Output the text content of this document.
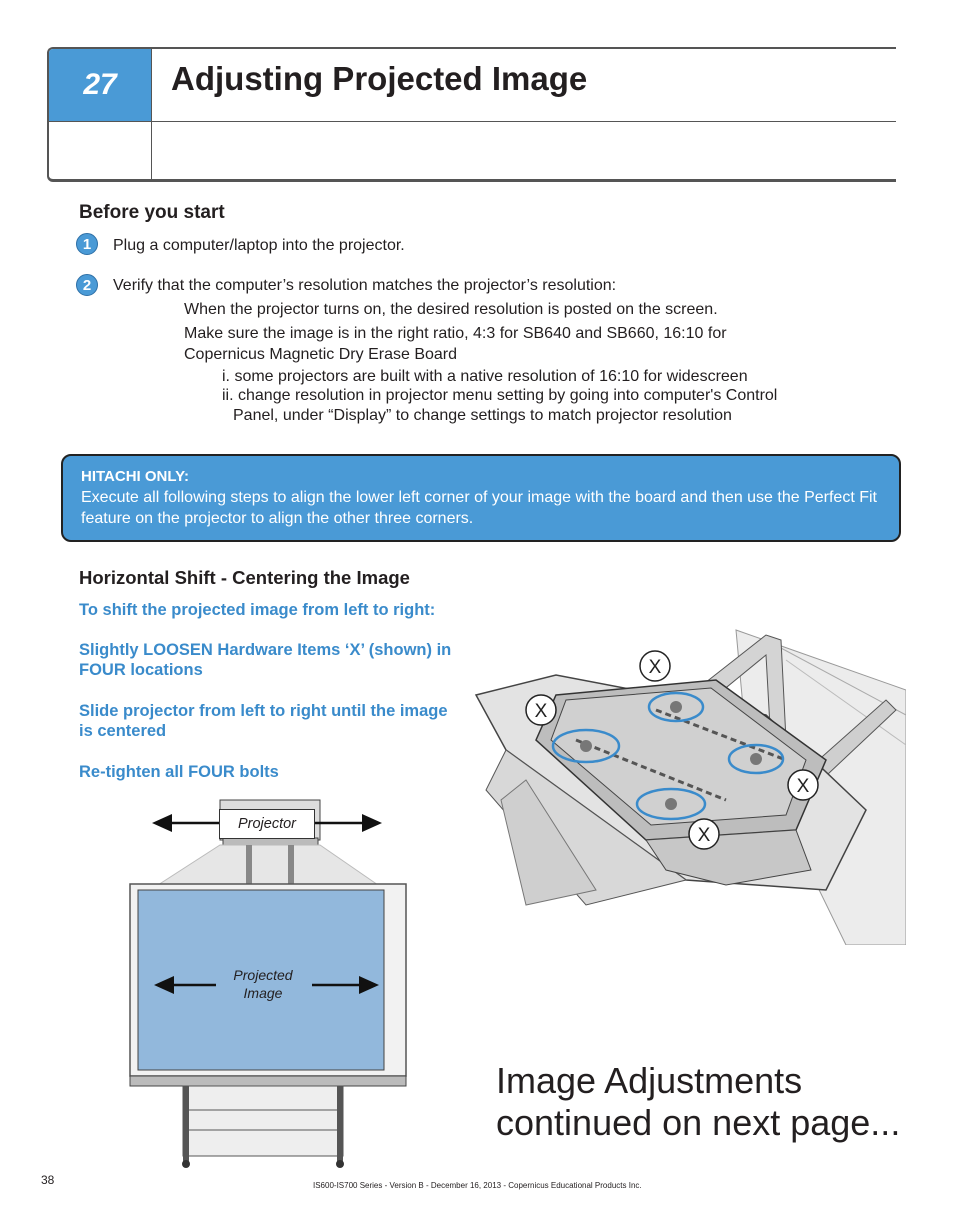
27	Adjusting Projected Image
Before you start
1	Plug a computer/laptop into the projector.
2	Verify that the computer’s resolution matches the projector’s resolution:
When the projector turns on, the desired resolution is posted on the screen.
Make sure the image is in the right ratio, 4:3 for SB640 and SB660, 16:10 for
Copernicus Magnetic Dry Erase Board
i. some projectors are built with a native resolution of 16:10 for widescreen
ii. change resolution in projector menu setting by going into computer's Control
Panel, under “Display” to change settings to match projector resolution
HITACHI ONLY:
Execute all following steps to align the lower left corner of your image with the board and then use the Perfect Fit feature on the projector to align the other three corners.
Horizontal Shift - Centering the Image
To shift the projected image from left to right:
Slightly LOOSEN Hardware Items ‘X’ (shown) in FOUR locations
Slide projector from left to right until the image is centered
Re-tighten all FOUR bolts
X
X
X
X
Projector
Projected
Image
Image Adjustments
continued on next page...
38	IS600-IS700 Series - Version B - December 16, 2013 - Copernicus Educational Products Inc.
